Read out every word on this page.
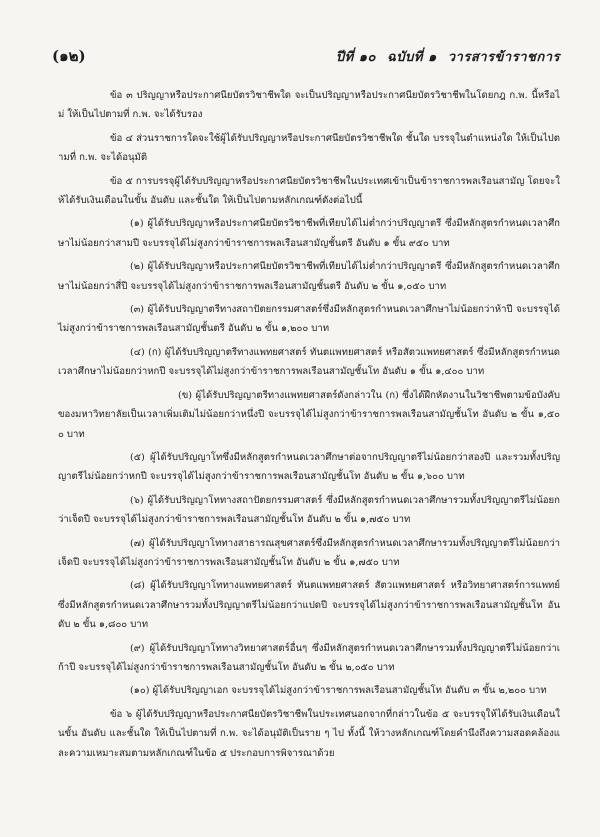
(๑๒)	ปีที่ ๑๐ ฉบับที่ ๑ วารสารข้าราชการ

ข้อ ๓ ปริญญาหรือประกาศนียบัตรวิชาชีพใด จะเป็นปริญญาหรือประกาศนียบัตรวิชาชีพในโดยกฎ ก.พ. นี้หรือไม่ ให้เป็นไปตามที่ ก.พ. จะได้รับรอง

ข้อ ๔ ส่วนราชการใดจะใช้ผู้ได้รับปริญญาหรือประกาศนียบัตรวิชาชีพใด ชั้นใด บรรจุในตำแหน่งใด ให้เป็นไปตามที่ ก.พ. จะได้อนุมัติ

ข้อ ๕ การบรรจุผู้ได้รับปริญญาหรือประกาศนียบัตรวิชาชีพในประเทศเข้าเป็นข้าราชการพลเรือนสามัญ โดยจะให้ได้รับเงินเดือนในขั้น อันดับ และชั้นใด ให้เป็นไปตามหลักเกณฑ์ดังต่อไปนี้

(๑) ผู้ได้รับปริญญาหรือประกาศนียบัตรวิชาชีพที่เทียบได้ไม่ต่ำกว่าปริญญาตรี ซึ่งมีหลักสูตรกำหนดเวลาศึกษาไม่น้อยกว่าสามปี จะบรรจุได้ไม่สูงกว่าข้าราชการพลเรือนสามัญชั้นตรี อันดับ ๑ ขั้น ๙๕๐ บาท

(๒) ผู้ได้รับปริญญาหรือประกาศนียบัตรวิชาชีพที่เทียบได้ไม่ต่ำกว่าปริญญาตรี ซึ่งมีหลักสูตรกำหนดเวลาศึกษาไม่น้อยกว่าสี่ปี จะบรรจุได้ไม่สูงกว่าข้าราชการพลเรือนสามัญชั้นตรี อันดับ ๒ ขั้น ๑,๐๕๐ บาท

(๓) ผู้ได้รับปริญญาตรีทางสถาปัตยกรรมศาสตร์ซึ่งมีหลักสูตรกำหนดเวลาศึกษาไม่น้อยกว่าห้าปี จะบรรจุได้ไม่สูงกว่าข้าราชการพลเรือนสามัญชั้นตรี อันดับ ๒ ขั้น ๑,๒๐๐ บาท

(๔) (ก) ผู้ได้รับปริญญาตรีทางแพทยศาสตร์ ทันตแพทยศาสตร์ หรือสัตวแพทยศาสตร์ ซึ่งมีหลักสูตรกำหนดเวลาศึกษาไม่น้อยกว่าหกปี จะบรรจุได้ไม่สูงกว่าข้าราชการพลเรือนสามัญชั้นโท อันดับ ๑ ขั้น ๑,๔๐๐ บาท

(ข) ผู้ได้รับปริญญาตรีทางแพทยศาสตร์ดังกล่าวใน (ก) ซึ่งได้ฝึกหัดงานในวิชาชีพตามข้อบังคับของมหาวิทยาลัยเป็นเวลาเพิ่มเติมไม่น้อยกว่าหนึ่งปี จะบรรจุได้ไม่สูงกว่าข้าราชการพลเรือนสามัญชั้นโท อันดับ ๒ ขั้น ๑,๕๐๐ บาท

(๕) ผู้ได้รับปริญญาโทซึ่งมีหลักสูตรกำหนดเวลาศึกษาต่อจากปริญญาตรีไม่น้อยกว่าสองปี และรวมทั้งปริญญาตรีไม่น้อยกว่าหกปี จะบรรจุได้ไม่สูงกว่าข้าราชการพลเรือนสามัญชั้นโท อันดับ ๒ ขั้น ๑,๖๐๐ บาท

(๖) ผู้ได้รับปริญญาโททางสถาปัตยกรรมศาสตร์ ซึ่งมีหลักสูตรกำหนดเวลาศึกษารวมทั้งปริญญาตรีไม่น้อยกว่าเจ็ดปี จะบรรจุได้ไม่สูงกว่าข้าราชการพลเรือนสามัญชั้นโท อันดับ ๒ ขั้น ๑,๗๕๐ บาท

(๗) ผู้ได้รับปริญญาโททางสาธารณสุขศาสตร์ซึ่งมีหลักสูตรกำหนดเวลาศึกษารวมทั้งปริญญาตรีไม่น้อยกว่าเจ็ดปี จะบรรจุได้ไม่สูงกว่าข้าราชการพลเรือนสามัญชั้นโท อันดับ ๒ ขั้น ๑,๗๕๐ บาท

(๘) ผู้ได้รับปริญญาโททางแพทยศาสตร์ ทันตแพทยศาสตร์ สัตวแพทยศาสตร์ หรือวิทยาศาสตร์การแพทย์ ซึ่งมีหลักสูตรกำหนดเวลาศึกษารวมทั้งปริญญาตรีไม่น้อยกว่าแปดปี จะบรรจุได้ไม่สูงกว่าข้าราชการพลเรือนสามัญชั้นโท อันดับ ๒ ขั้น ๑,๘๐๐ บาท

(๙) ผู้ได้รับปริญญาโททางวิทยาศาสตร์อื่นๆ ซึ่งมีหลักสูตรกำหนดเวลาศึกษารวมทั้งปริญญาตรีไม่น้อยกว่าเก้าปี จะบรรจุได้ไม่สูงกว่าข้าราชการพลเรือนสามัญชั้นโท อันดับ ๒ ขั้น ๒,๐๕๐ บาท

(๑๐) ผู้ได้รับปริญญาเอก จะบรรจุได้ไม่สูงกว่าข้าราชการพลเรือนสามัญชั้นโท อันดับ ๓ ขั้น ๒,๒๐๐ บาท

ข้อ ๖ ผู้ได้รับปริญญาหรือประกาศนียบัตรวิชาชีพในประเทศนอกจากที่กล่าวในข้อ ๕ จะบรรจุให้ได้รับเงินเดือนในขั้น อันดับ และชั้นใด ให้เป็นไปตามที่ ก.พ. จะได้อนุมัติเป็นราย ๆ ไป ทั้งนี้ ให้วางหลักเกณฑ์โดยคำนึงถึงความสอดคล้องและความเหมาะสมตามหลักเกณฑ์ในข้อ ๕ ประกอบการพิจารณาด้วย
